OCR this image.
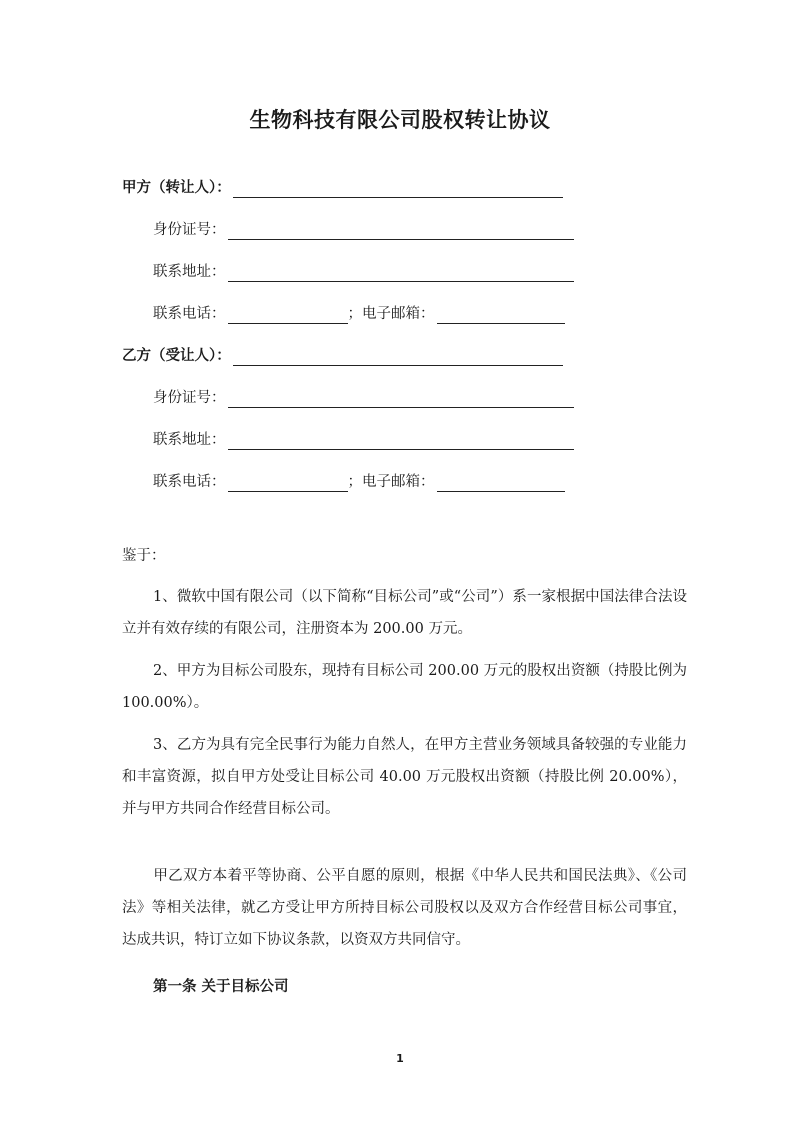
生物科技有限公司股权转让协议
甲方（转让人）：
身份证号：
联系地址：
联系电话：	； 电子邮箱：
乙方（受让人）：
身份证号：
联系地址：
联系电话：	； 电子邮箱：
鉴于：
1、微软中国有限公司（以下简称“目标公司”或“公司”）系一家根据中国法律合法设立并有效存续的有限公司，注册资本为 200.00 万元。
2、甲方为目标公司股东，现持有目标公司 200.00 万元的股权出资额（持股比例为 100.00%）。
3、乙方为具有完全民事行为能力自然人，在甲方主营业务领域具备较强的专业能力和丰富资源，拟自甲方处受让目标公司 40.00 万元股权出资额（持股比例 20.00%），并与甲方共同合作经营目标公司。
甲乙双方本着平等协商、公平自愿的原则，根据《中华人民共和国民法典》、《公司法》等相关法律，就乙方受让甲方所持目标公司股权以及双方合作经营目标公司事宜，达成共识，特订立如下协议条款，以资双方共同信守。
第一条 关于目标公司
1
